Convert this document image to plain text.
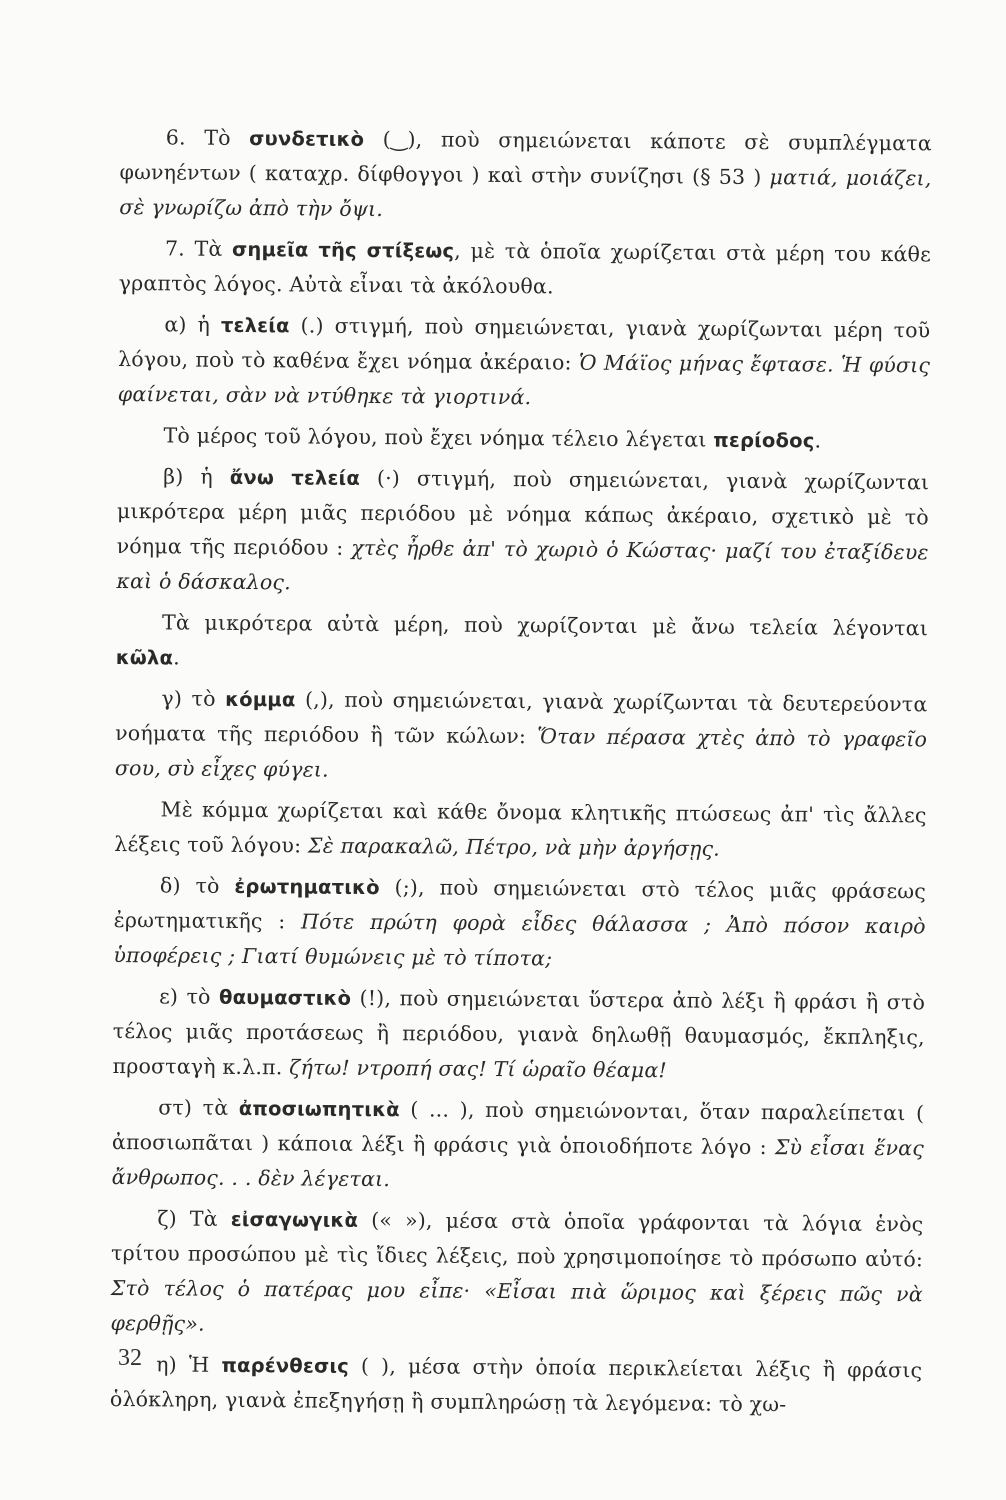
6. Τὸ συνδετικὸ (‿), ποὺ σημειώνεται κάποτε σὲ συμπλέγματα φωνηέντων ( καταχρ. δίφθογγοι ) καὶ στὴν συνίζησι (§ 53 ) ματιά, μοιάζει, σὲ γνωρίζω ἀπὸ τὴν ὄψι.

7. Τὰ σημεῖα τῆς στίξεως, μὲ τὰ ὁποῖα χωρίζεται στὰ μέρη του κάθε γραπτὸς λόγος. Αὐτὰ εἶναι τὰ ἀκόλουθα.

α) ἡ τελεία (.) στιγμή, ποὺ σημειώνεται, γιανὰ χωρίζωνται μέρη τοῦ λόγου, ποὺ τὸ καθένα ἔχει νόημα ἀκέραιο: Ὁ Μάϊος μήνας ἔφτασε. Ἡ φύσις φαίνεται, σὰν νὰ ντύθηκε τὰ γιορτινά.

Τὸ μέρος τοῦ λόγου, ποὺ ἔχει νόημα τέλειο λέγεται περίοδος.

β) ἡ ἄνω τελεία (·) στιγμή, ποὺ σημειώνεται, γιανὰ χωρίζωνται μικρότερα μέρη μιᾶς περιόδου μὲ νόημα κάπως ἀκέραιο, σχετικὸ μὲ τὸ νόημα τῆς περιόδου : χτὲς ἦρθε ἀπ' τὸ χωριὸ ὁ Κώστας· μαζί του ἐταξίδευε καὶ ὁ δάσκαλος.

Τὰ μικρότερα αὐτὰ μέρη, ποὺ χωρίζονται μὲ ἄνω τελεία λέγονται κῶλα.

γ) τὸ κόμμα (,), ποὺ σημειώνεται, γιανὰ χωρίζωνται τὰ δευτερεύοντα νοήματα τῆς περιόδου ἢ τῶν κώλων: Ὅταν πέρασα χτὲς ἀπὸ τὸ γραφεῖο σου, σὺ εἶχες φύγει.

Μὲ κόμμα χωρίζεται καὶ κάθε ὄνομα κλητικῆς πτώσεως ἀπ' τὶς ἄλλες λέξεις τοῦ λόγου: Σὲ παρακαλῶ, Πέτρο, νὰ μὴν ἀργήσῃς.

δ) τὸ ἐρωτηματικὸ (;), ποὺ σημειώνεται στὸ τέλος μιᾶς φράσεως ἐρωτηματικῆς : Πότε πρώτη φορὰ εἶδες θάλασσα ; Ἀπὸ πόσον καιρὸ ὑποφέρεις ; Γιατί θυμώνεις μὲ τὸ τίποτα;

ε) τὸ θαυμαστικὸ (!), ποὺ σημειώνεται ὕστερα ἀπὸ λέξι ἢ φράσι ἢ στὸ τέλος μιᾶς προτάσεως ἢ περιόδου, γιανὰ δηλωθῇ θαυμασμός, ἔκπληξις, προσταγὴ κ.λ.π. ζήτω! ντροπή σας! Τί ὡραῖο θέαμα!

στ) τὰ ἀποσιωπητικὰ ( ... ), ποὺ σημειώνονται, ὅταν παραλείπεται ( ἀποσιωπᾶται ) κάποια λέξι ἢ φράσις γιὰ ὁποιοδήποτε λόγο : Σὺ εἶσαι ἕνας ἄνθρωπος. . . δὲν λέγεται.

ζ) Τὰ εἰσαγωγικὰ (« »), μέσα στὰ ὁποῖα γράφονται τὰ λόγια ἑνὸς τρίτου προσώπου μὲ τὶς ἴδιες λέξεις, ποὺ χρησιμοποίησε τὸ πρόσωπο αὐτό: Στὸ τέλος ὁ πατέρας μου εἶπε· «Εἶσαι πιὰ ὥριμος καὶ ξέρεις πῶς νὰ φερθῇς».

η) Ἡ παρένθεσις ( ), μέσα στὴν ὁποία περικλείεται λέξις ἢ φράσις ὁλόκληρη, γιανὰ ἐπεξηγήσῃ ἢ συμπληρώσῃ τὰ λεγόμενα: τὸ χω-

32
